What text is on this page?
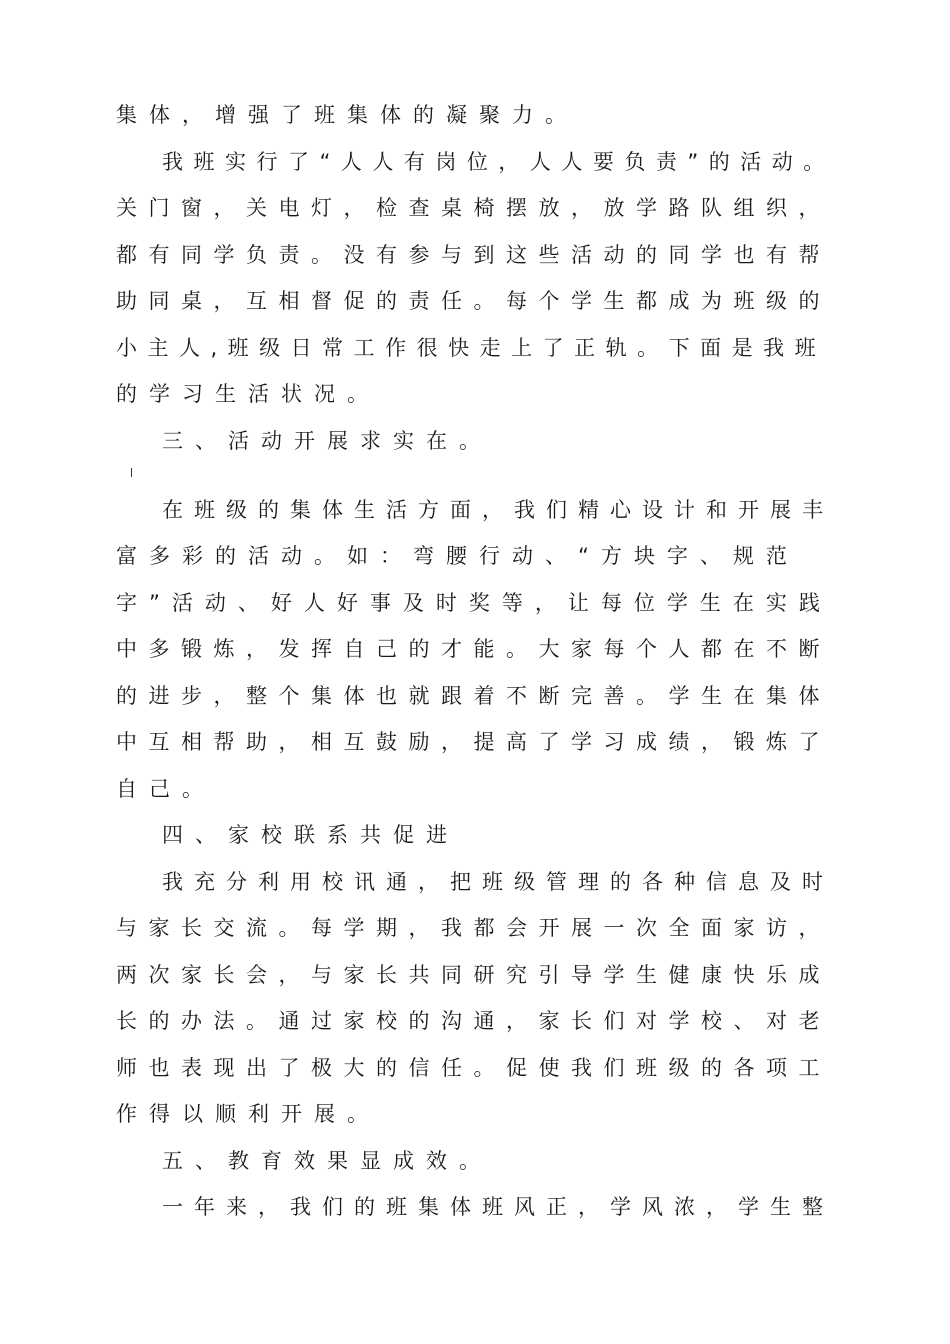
集体，增强了班集体的凝聚力。
我班实行了“人人有岗位，人人要负责”的活动。
关门窗，关电灯，检查桌椅摆放，放学路队组织，
都有同学负责。没有参与到这些活动的同学也有帮
助同桌，互相督促的责任。每个学生都成为班级的
小主人,班级日常工作很快走上了正轨。下面是我班
的学习生活状况。
三、活动开展求实在。
在班级的集体生活方面，我们精心设计和开展丰
富多彩的活动。如：弯腰行动、“方块字、规范
字”活动、好人好事及时奖等，让每位学生在实践
中多锻炼，发挥自己的才能。大家每个人都在不断
的进步，整个集体也就跟着不断完善。学生在集体
中互相帮助，相互鼓励，提高了学习成绩，锻炼了
自己。
四、家校联系共促进
我充分利用校讯通，把班级管理的各种信息及时
与家长交流。每学期，我都会开展一次全面家访，
两次家长会，与家长共同研究引导学生健康快乐成
长的办法。通过家校的沟通，家长们对学校、对老
师也表现出了极大的信任。促使我们班级的各项工
作得以顺利开展。
五、教育效果显成效。
一年来，我们的班集体班风正，学风浓，学生整
